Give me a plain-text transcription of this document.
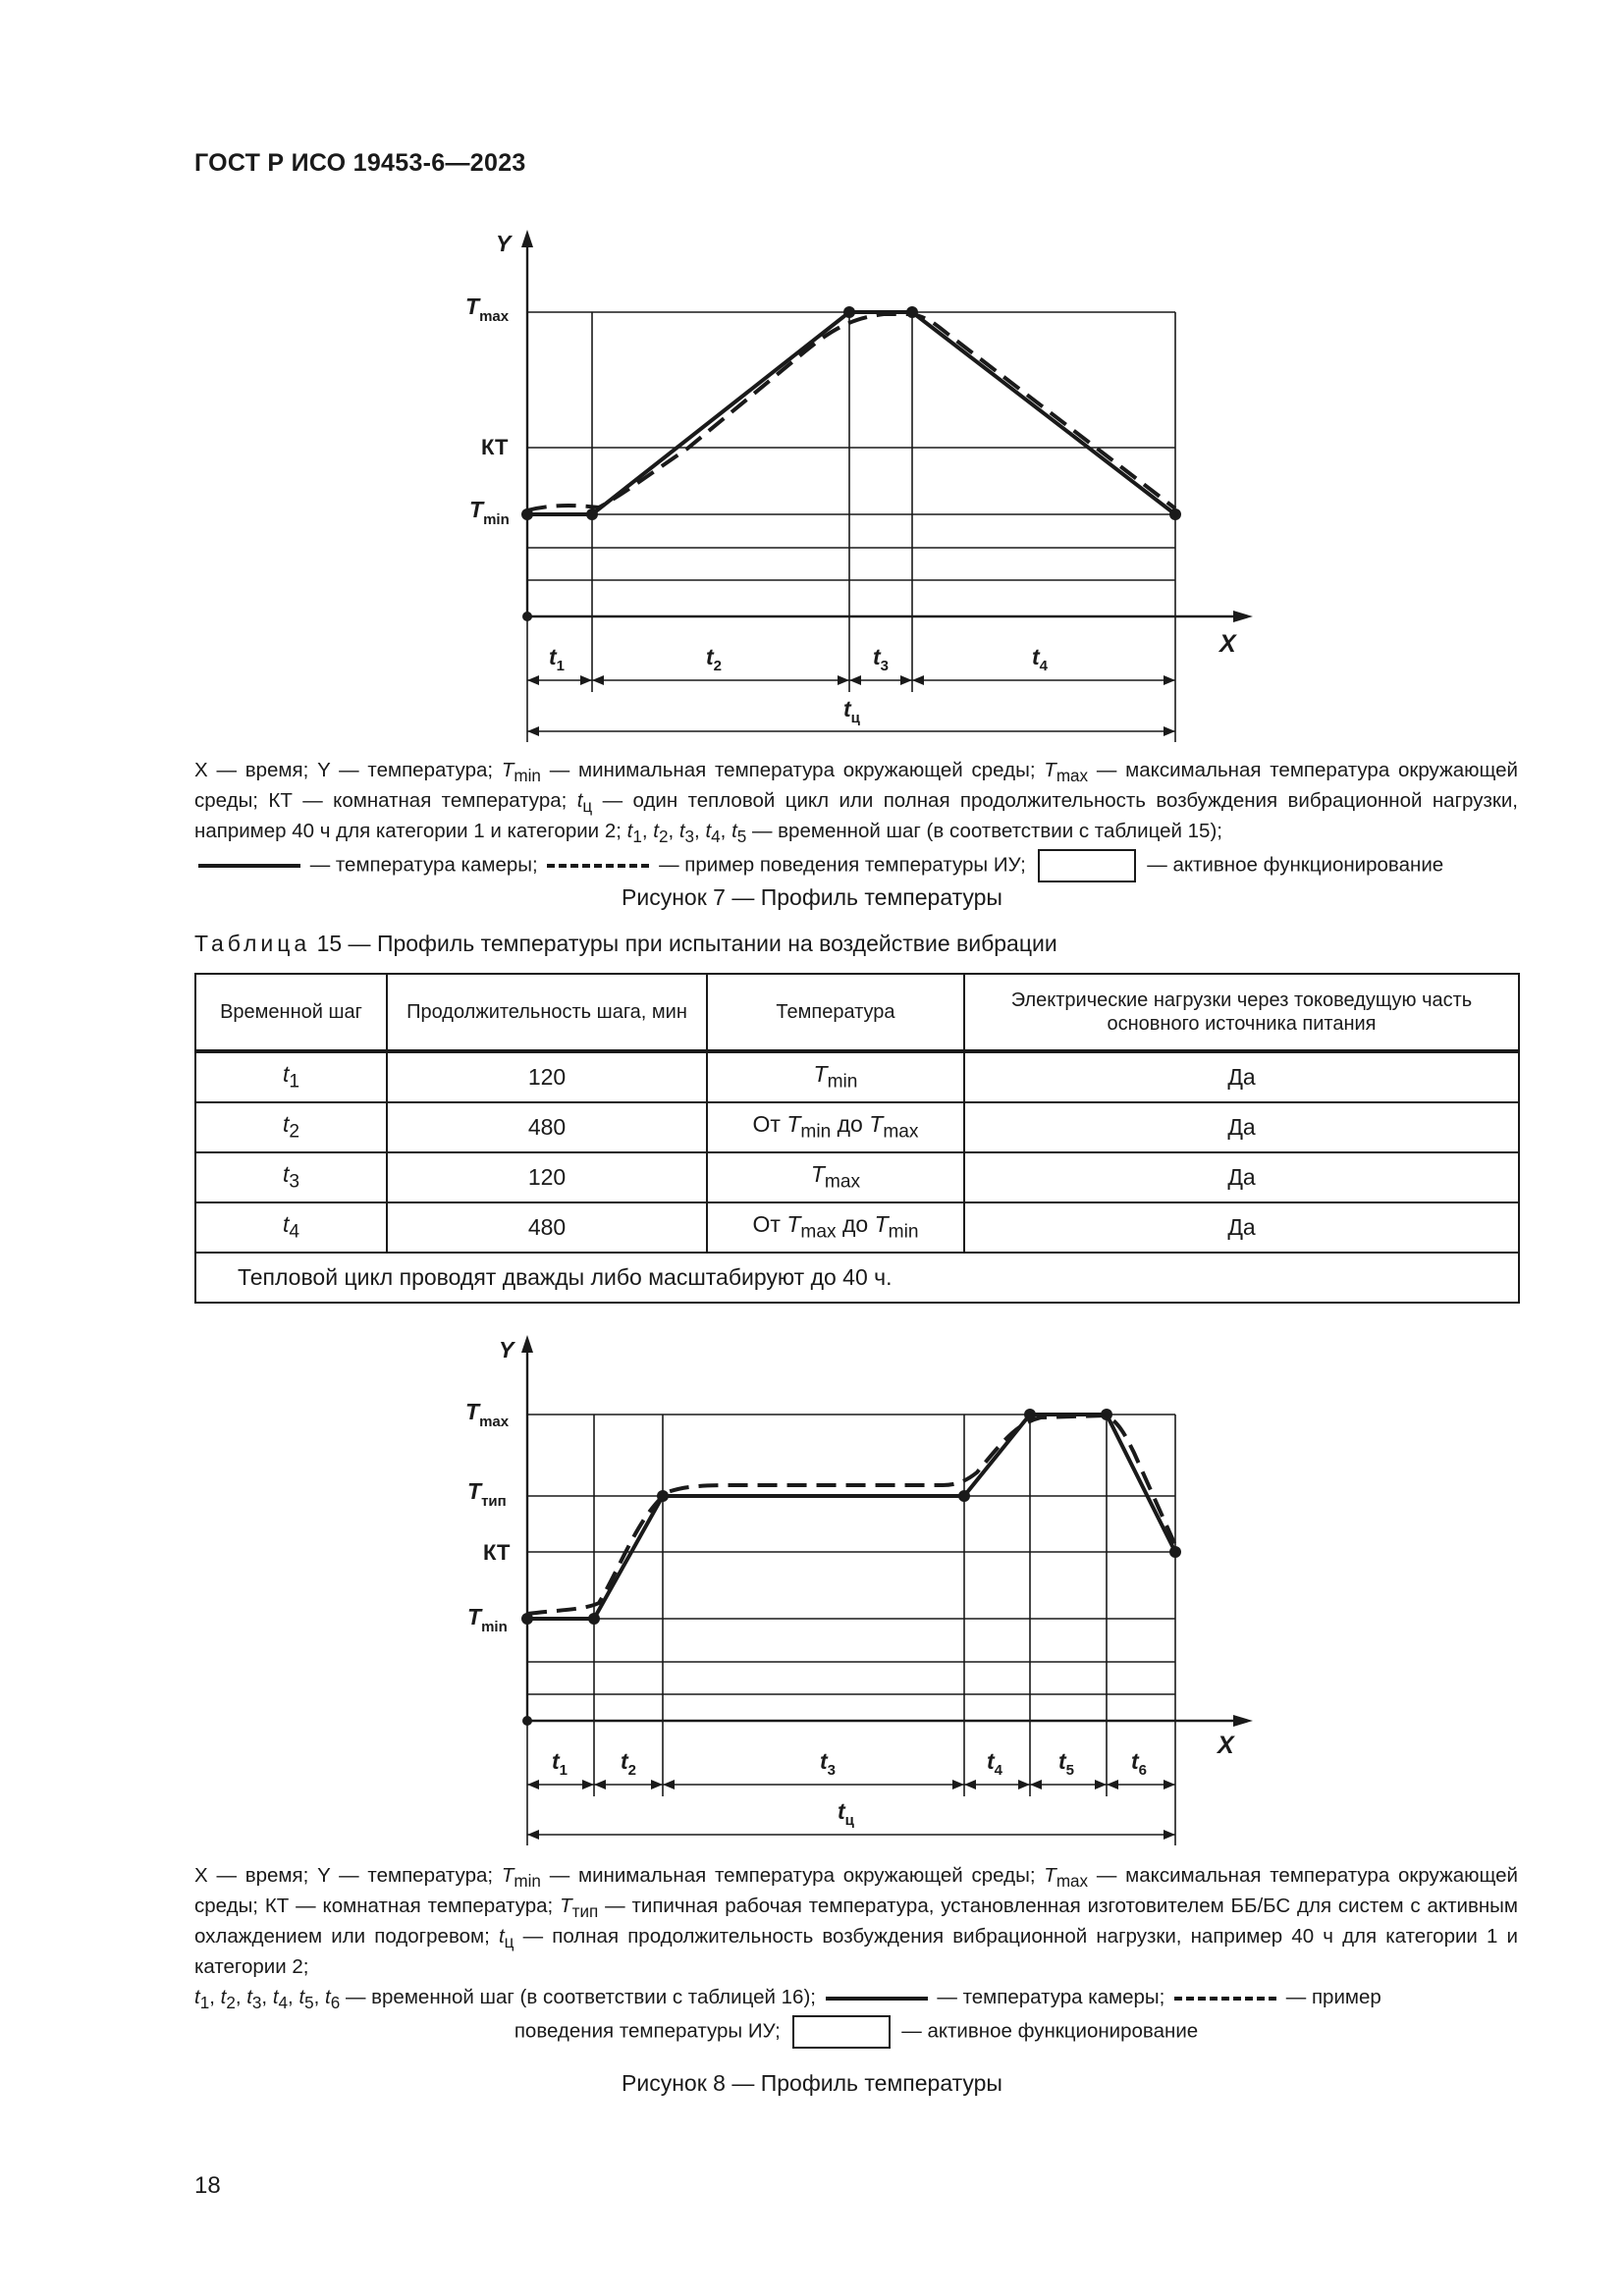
ГОСТ Р ИСО 19453-6—2023
Y
X
$T_{max}$
КТ
$T_{min}$
$t_1$	$t_2$	$t_3$	$t_4$
$t_ц$
X — время; Y — температура; $T_{min}$ — минимальная температура окружающей среды; $T_{max}$ — максимальная температура окружающей среды; КТ — комнатная температура; $t_ц$ — один тепловой цикл или полная продолжительность возбуждения вибрационной нагрузки, например 40 ч для категории 1 и категории 2; $t_1$, $t_2$, $t_3$, $t_4$, $t_5$ — временной шаг (в соответствии с таблицей 15);
— температура камеры;	— пример поведения температуры ИУ;	— активное функционирование
Рисунок 7 — Профиль температуры
Таблица 15 — Профиль температуры при испытании на воздействие вибрации
Временной шаг	Продолжительность шага, мин	Температура	Электрические нагрузки через токоведущую часть основного источника питания
$t_1$	120	$T_{min}$	Да
$t_2$	480	От $T_{min}$ до $T_{max}$	Да
$t_3$	120	$T_{max}$	Да
$t_4$	480	От $T_{max}$ до $T_{min}$	Да
Тепловой цикл проводят дважды либо масштабируют до 40 ч.			
Y
X
$T_{max}$
$T_{тип}$
КТ
$T_{min}$
$t_1$ $t_2$	$t_3$	$t_4$ $t_5$	$t_6$
$t_ц$
X — время; Y — температура; $T_{min}$ — минимальная температура окружающей среды; $T_{max}$ — максимальная температура окружающей среды; КТ — комнатная температура; $T_{тип}$ — типичная рабочая температура, установленная изготовителем ББ/БС для систем с активным охлаждением или подогревом; $t_ц$ — полная продолжительность возбуждения вибрационной нагрузки, например 40 ч для категории 1 и категории 2;
$t_1$, $t_2$, $t_3$, $t_4$, $t_5$, $t_6$ — временной шаг (в соответствии с таблицей 16);	— температура камеры;	— пример

поведения температуры ИУ;	— активное функционирование
Рисунок 8 — Профиль температуры
18
